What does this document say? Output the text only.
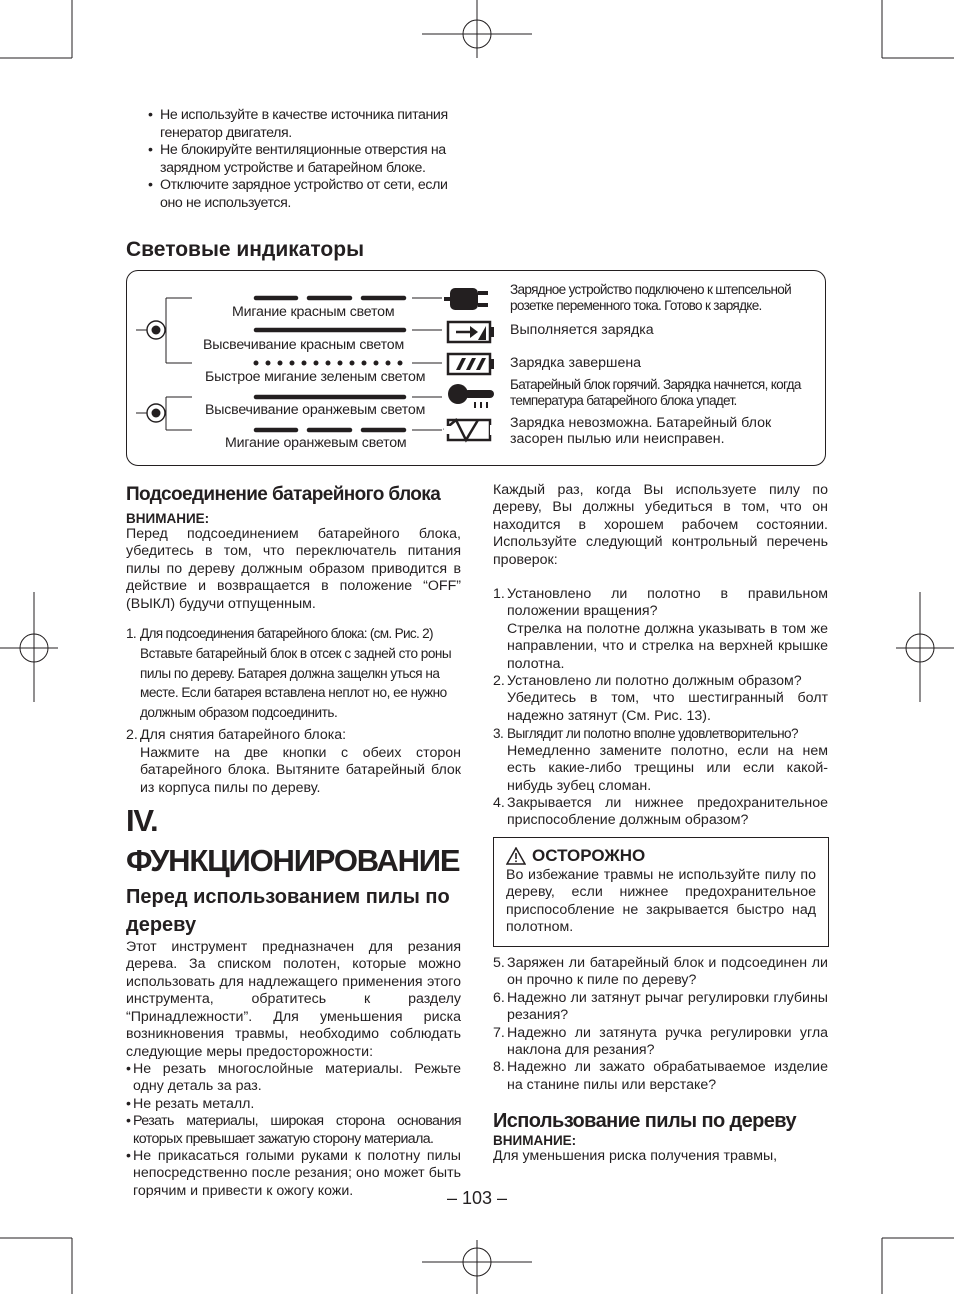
• Не используйте в качестве источника питания генератор двигателя.
• Не блокируйте вентиляционные отверстия на зарядном устройстве и батарейном блоке.
• Отключите зарядное устройство от сети, если оно не используется.
Световые индикаторы
Мигание красным светом
Высвечивание красным светом
Быстрое мигание зеленым светом
Высвечивание оранжевым светом
Мигание оранжевым светом
Зарядное устройство подключено к штепсельной розетке переменного тока. Готово к зарядке.
Выполняется зарядка
Зарядка завершена
Батарейный блок горячий. Зарядка начнется, когда температура батарейного блока упадет.
Зарядка невозможна. Батарейный блок засорен пылью или неисправен.
Подсоединение батарейного блока
ВНИМАНИЕ:
Перед подсоединением батарейного блока, убедитесь в том, что переключатель питания пилы по дереву должным образом приводится в действие и возвращается в положение “OFF” (ВЫКЛ) будучи отпущенным.
1. Для подсоединения батарейного блока: (см. Рис. 2)
Вставьте батарейный блок в отсек с задней сто роны пилы по дереву. Батарея должна защелкн уться на месте. Если батарея вставлена неплот но, ее нужно должным образом подсоединить.
2. Для снятия батарейного блока:
Нажмите на две кнопки с обеих сторон батарейного блока. Вытяните батарейный блок из корпуса пилы по дереву.
IV. ФУНКЦИОНИРОВАНИЕ
Перед использованием пилы по дереву
Этот инструмент предназначен для резания дерева. За списком полотен, которые можно использовать для надлежащего применения этого инструмента, обратитесь к разделу “Принадлежности”. Для уменьшения риска возникновения травмы, необходимо соблюдать следующие меры предосторожности:
• Не резать многослойные материалы. Режьте одну деталь за раз.
• Не резать металл.
• Резать материалы, широкая сторона основания которых превышает зажатую сторону материала.
• Не прикасаться голыми руками к полотну пилы непосредственно после резания; оно может быть горячим и привести к ожогу кожи.
Каждый раз, когда Вы используете пилу по дереву, Вы должны убедиться в том, что он находится в хорошем рабочем состоянии. Используйте следующий контрольный перечень проверок:
1. Установлено ли полотно в правильном положении вращения?
Стрелка на полотне должна указывать в том же направлении, что и стрелка на верхней крышке полотна.
2. Установлено ли полотно должным образом?
Убедитесь в том, что шестигранный болт надежно затянут (См. Рис. 13).
3. Выглядит ли полотно вполне удовлетворительно?
Немедленно замените полотно, если на нем есть какие-либо трещины или если какой-нибудь зубец сломан.
4. Закрывается ли нижнее предохранительное приспособление должным образом?
ОСТОРОЖНО
Во избежание травмы не используйте пилу по дереву, если нижнее предохранительное приспособление не закрывается быстро над полотном.
5. Заряжен ли батарейный блок и подсоединен ли он прочно к пиле по дереву?
6. Надежно ли затянут рычаг регулировки глубины резания?
7. Надежно ли затянута ручка регулировки угла наклона для резания?
8. Надежно ли зажато обрабатываемое изделие на станине пилы или верстаке?
Использование пилы по дереву
ВНИМАНИЕ:
Для уменьшения риска получения травмы,
– 103 –
